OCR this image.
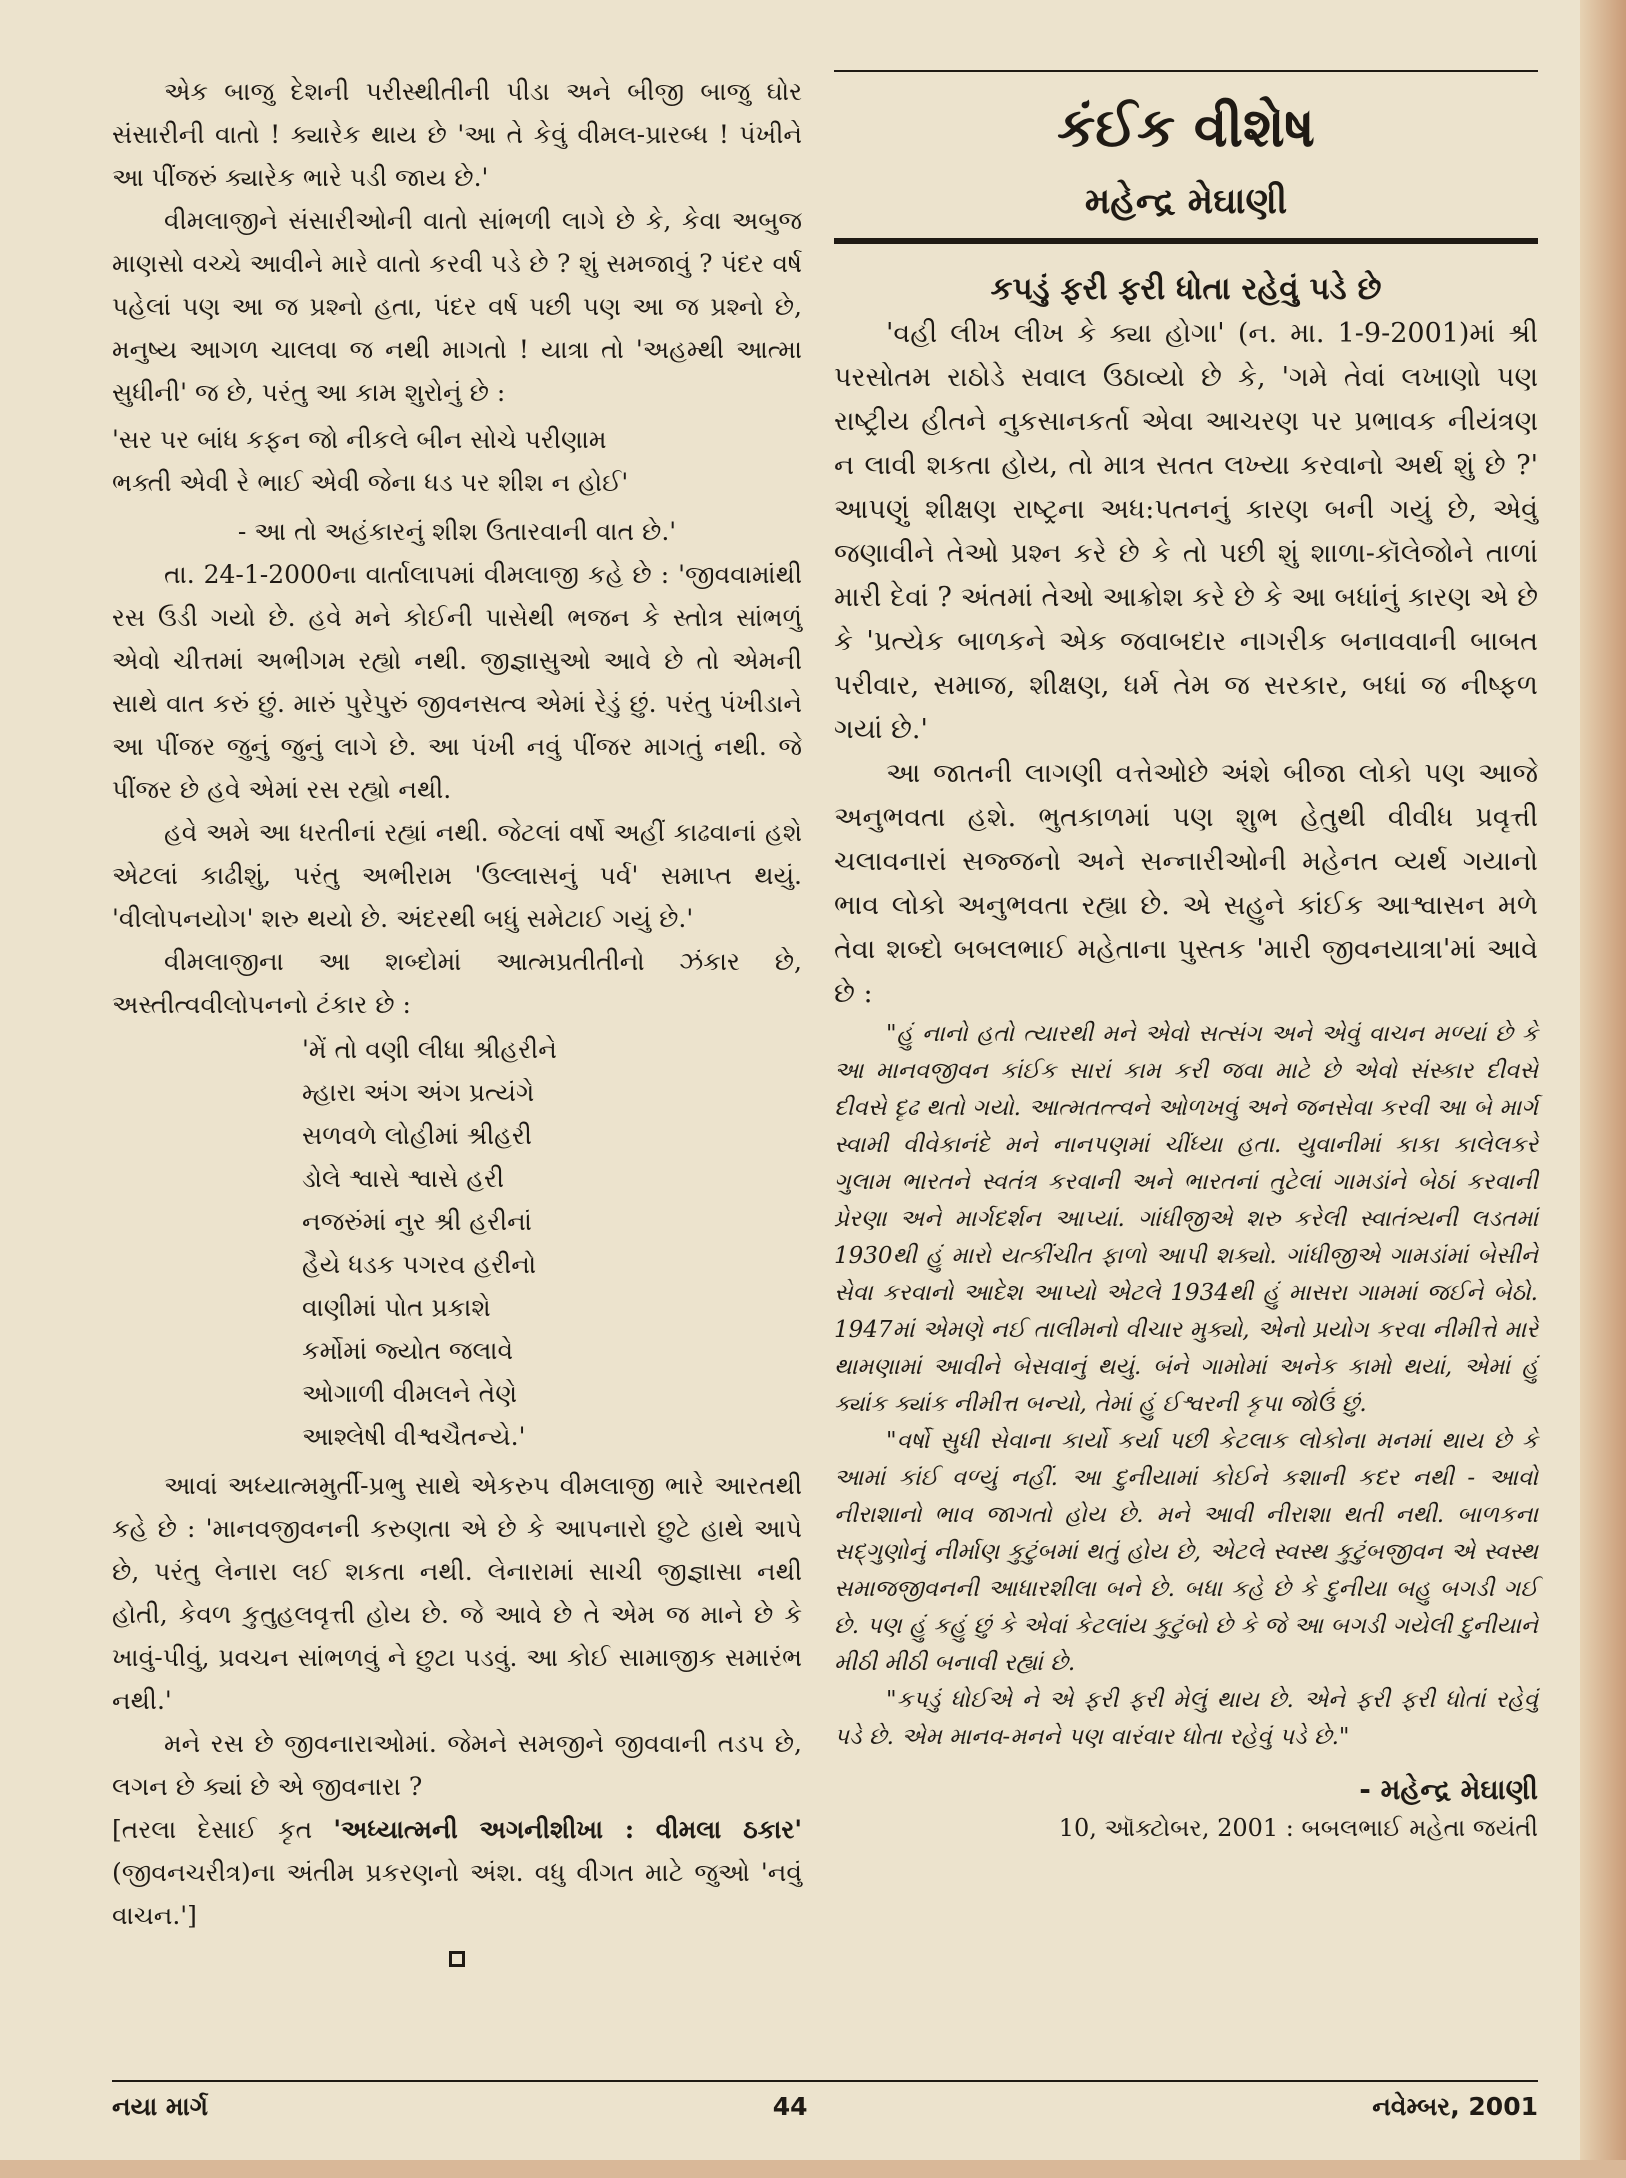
એક બાજુ દેશની પરીસ્થીતીની પીડા અને બીજી બાજુ ઘોર સંસારીની વાતો ! ક્યારેક થાય છે 'આ તે કેવું વીમલ-પ્રારબ્ધ ! પંખીને આ પીંજરું ક્યારેક ભારે પડી જાય છે.'

વીમલાજીને સંસારીઓની વાતો સાંભળી લાગે છે કે, કેવા અબુજ માણસો વચ્ચે આવીને મારે વાતો કરવી પડે છે ? શું સમજાવું ? પંદર વર્ષ પહેલાં પણ આ જ પ્રશ્નો હતા, પંદર વર્ષ પછી પણ આ જ પ્રશ્નો છે, મનુષ્ય આગળ ચાલવા જ નથી માગતો ! યાત્રા તો 'અહમ્થી આત્મા સુધીની' જ છે, પરંતુ આ કામ શુરોનું છે :

'સર પર બાંધ કફન જો નીકલે બીન સોચે પરીણામ
ભક્તી એવી રે ભાઈ એવી જેના ધડ પર શીશ ન હોઈ'
- આ તો અહંકારનું શીશ ઉતારવાની વાત છે.'

તા. 24-1-2000ના વાર્તાલાપમાં વીમલાજી કહે છે : 'જીવવામાંથી રસ ઉડી ગયો છે. હવે મને કોઈની પાસેથી ભજન કે સ્તોત્ર સાંભળું એવો ચીત્તમાં અભીગમ રહ્યો નથી. જીજ્ઞાસુઓ આવે છે તો એમની સાથે વાત કરું છું. મારું પુરેપુરું જીવનસત્વ એમાં રેડું છું. પરંતુ પંખીડાને આ પીંજર જુનું જુનું લાગે છે. આ પંખી નવું પીંજર માગતું નથી. જે પીંજર છે હવે એમાં રસ રહ્યો નથી.

હવે અમે આ ધરતીનાં રહ્યાં નથી. જેટલાં વર્ષો અહીં કાઢવાનાં હશે એટલાં કાઢીશું, પરંતુ અભીરામ 'ઉલ્લાસનું પર્વ' સમાપ્ત થયું. 'વીલોપનયોગ' શરુ થયો છે. અંદરથી બધું સમેટાઈ ગયું છે.'

વીમલાજીના આ શબ્દોમાં આત્મપ્રતીતીનો ઝંકાર છે, અસ્તીત્વવીલોપનનો ટંકાર છે :

'મેં તો વણી લીધા શ્રીહરીને
મ્હારા અંગ અંગ પ્રત્યંગે
સળવળે લોહીમાં શ્રીહરી
ડોલે શ્વાસે શ્વાસે હરી
નજરુંમાં નુર શ્રી હરીનાં
હૈયે ધડક પગરવ હરીનો
વાણીમાં પોત પ્રકાશે
કર્મોમાં જ્યોત જલાવે
ઓગાળી વીમલને તેણે
આશ્લેષી વીશ્વચૈતન્યે.'

આવાં અધ્યાત્મમુર્તી-પ્રભુ સાથે એકરુપ વીમલાજી ભારે આરતથી કહે છે : 'માનવજીવનની કરુણતા એ છે કે આપનારો છુટે હાથે આપે છે, પરંતુ લેનારા લઈ શકતા નથી. લેનારામાં સાચી જીજ્ઞાસા નથી હોતી, કેવળ કુતુહલવૃત્તી હોય છે. જે આવે છે તે એમ જ માને છે કે ખાવું-પીવું, પ્રવચન સાંભળવું ને છુટા પડવું. આ કોઈ સામાજીક સમારંભ નથી.'

મને રસ છે જીવનારાઓમાં. જેમને સમજીને જીવવાની તડપ છે, લગન છે ક્યાં છે એ જીવનારા ?

[તરલા દેસાઈ કૃત 'અધ્યાત્મની અગનીશીખા : વીમલા ઠકાર' (જીવનચરીત્ર)ના અંતીમ પ્રકરણનો અંશ. વધુ વીગત માટે જુઓ 'નવું વાચન.']

કંઈક વીશેષ
મહેન્દ્ર મેઘાણી
કપડું ફરી ફરી ધોતા રહેવું પડે છે

'વહી લીખ લીખ કે ક્યા હોગા' (ન. મા. 1-9-2001)માં શ્રી પરસોતમ રાઠોડે સવાલ ઉઠાવ્યો છે કે, 'ગમે તેવાં લખાણો પણ રાષ્ટ્રીય હીતને નુકસાનકર્તા એવા આચરણ પર પ્રભાવક નીયંત્રણ ન લાવી શકતા હોય, તો માત્ર સતત લખ્યા કરવાનો અર્થ શું છે ?' આપણું શીક્ષણ રાષ્ટ્રના અધ:પતનનું કારણ બની ગયું છે, એવું જણાવીને તેઓ પ્રશ્ન કરે છે કે તો પછી શું શાળા-કૉલેજોને તાળાં મારી દેવાં ? અંતમાં તેઓ આક્રોશ કરે છે કે આ બધાંનું કારણ એ છે કે 'પ્રત્યેક બાળકને એક જવાબદાર નાગરીક બનાવવાની બાબત પરીવાર, સમાજ, શીક્ષણ, ધર્મ તેમ જ સરકાર, બધાં જ નીષ્ફળ ગયાં છે.'

આ જાતની લાગણી વત્તેઓછે અંશે બીજા લોકો પણ આજે અનુભવતા હશે. ભુતકાળમાં પણ શુભ હેતુથી વીવીધ પ્રવૃત્તી ચલાવનારાં સજ્જનો અને સન્નારીઓની મહેનત વ્યર્થ ગયાનો ભાવ લોકો અનુભવતા રહ્યા છે. એ સહુને કાંઈક આશ્વાસન મળે તેવા શબ્દો બબલભાઈ મહેતાના પુસ્તક 'મારી જીવનયાત્રા'માં આવે છે :

"હું નાનો હતો ત્યારથી મને એવો સત્સંગ અને એવું વાચન મળ્યાં છે કે આ માનવજીવન કાંઈક સારાં કામ કરી જવા માટે છે એવો સંસ્કાર દીવસે દીવસે દૃઢ થતો ગયો. આત્મતત્ત્વને ઓળખવું અને જનસેવા કરવી આ બે માર્ગ સ્વામી વીવેકાનંદે મને નાનપણમાં ચીંધ્યા હતા. યુવાનીમાં કાકા કાલેલકરે ગુલામ ભારતને સ્વતંત્ર કરવાની અને ભારતનાં તુટેલાં ગામડાંને બેઠાં કરવાની પ્રેરણા અને માર્ગદર્શન આપ્યાં. ગાંધીજીએ શરુ કરેલી સ્વાતંત્ર્યની લડતમાં 1930થી હું મારો યત્કીંચીત ફાળો આપી શક્યો. ગાંધીજીએ ગામડાંમાં બેસીને સેવા કરવાનો આદેશ આપ્યો એટલે 1934થી હું માસરા ગામમાં જઈને બેઠો. 1947માં એમણે નઈ તાલીમનો વીચાર મુક્યો, એનો પ્રયોગ કરવા નીમીત્તે મારે થામણામાં આવીને બેસવાનું થયું. બંને ગામોમાં અનેક કામો થયાં, એમાં હું ક્યાંક ક્યાંક નીમીત્ત બન્યો, તેમાં હું ઈશ્વરની કૃપા જોઉં છું.

"વર્ષો સુધી સેવાના કાર્યો કર્યા પછી કેટલાક લોકોના મનમાં થાય છે કે આમાં કાંઈ વળ્યું નહીં. આ દુનીયામાં કોઈને કશાની કદર નથી - આવો નીરાશાનો ભાવ જાગતો હોય છે. મને આવી નીરાશા થતી નથી. બાળકના સદ્ગુણોનું નીર્માણ કુટુંબમાં થતું હોય છે, એટલે સ્વસ્થ કુટુંબજીવન એ સ્વસ્થ સમાજજીવનની આધારશીલા બને છે. બધા કહે છે કે દુનીયા બહુ બગડી ગઈ છે. પણ હું કહું છું કે એવાં કેટલાંય કુટુંબો છે કે જે આ બગડી ગયેલી દુનીયાને મીઠી મીઠી બનાવી રહ્યાં છે.

"કપડું ધોઈએ ને એ ફરી ફરી મેલું થાય છે. એને ફરી ફરી ધોતાં રહેવું પડે છે. એમ માનવ-મનને પણ વારંવાર ધોતા રહેવું પડે છે."

- મહેન્દ્ર મેઘાણી
10, ઑક્ટોબર, 2001 : બબલભાઈ મહેતા જયંતી
નયા માર્ગ	44	નવેમ્બર, 2001
